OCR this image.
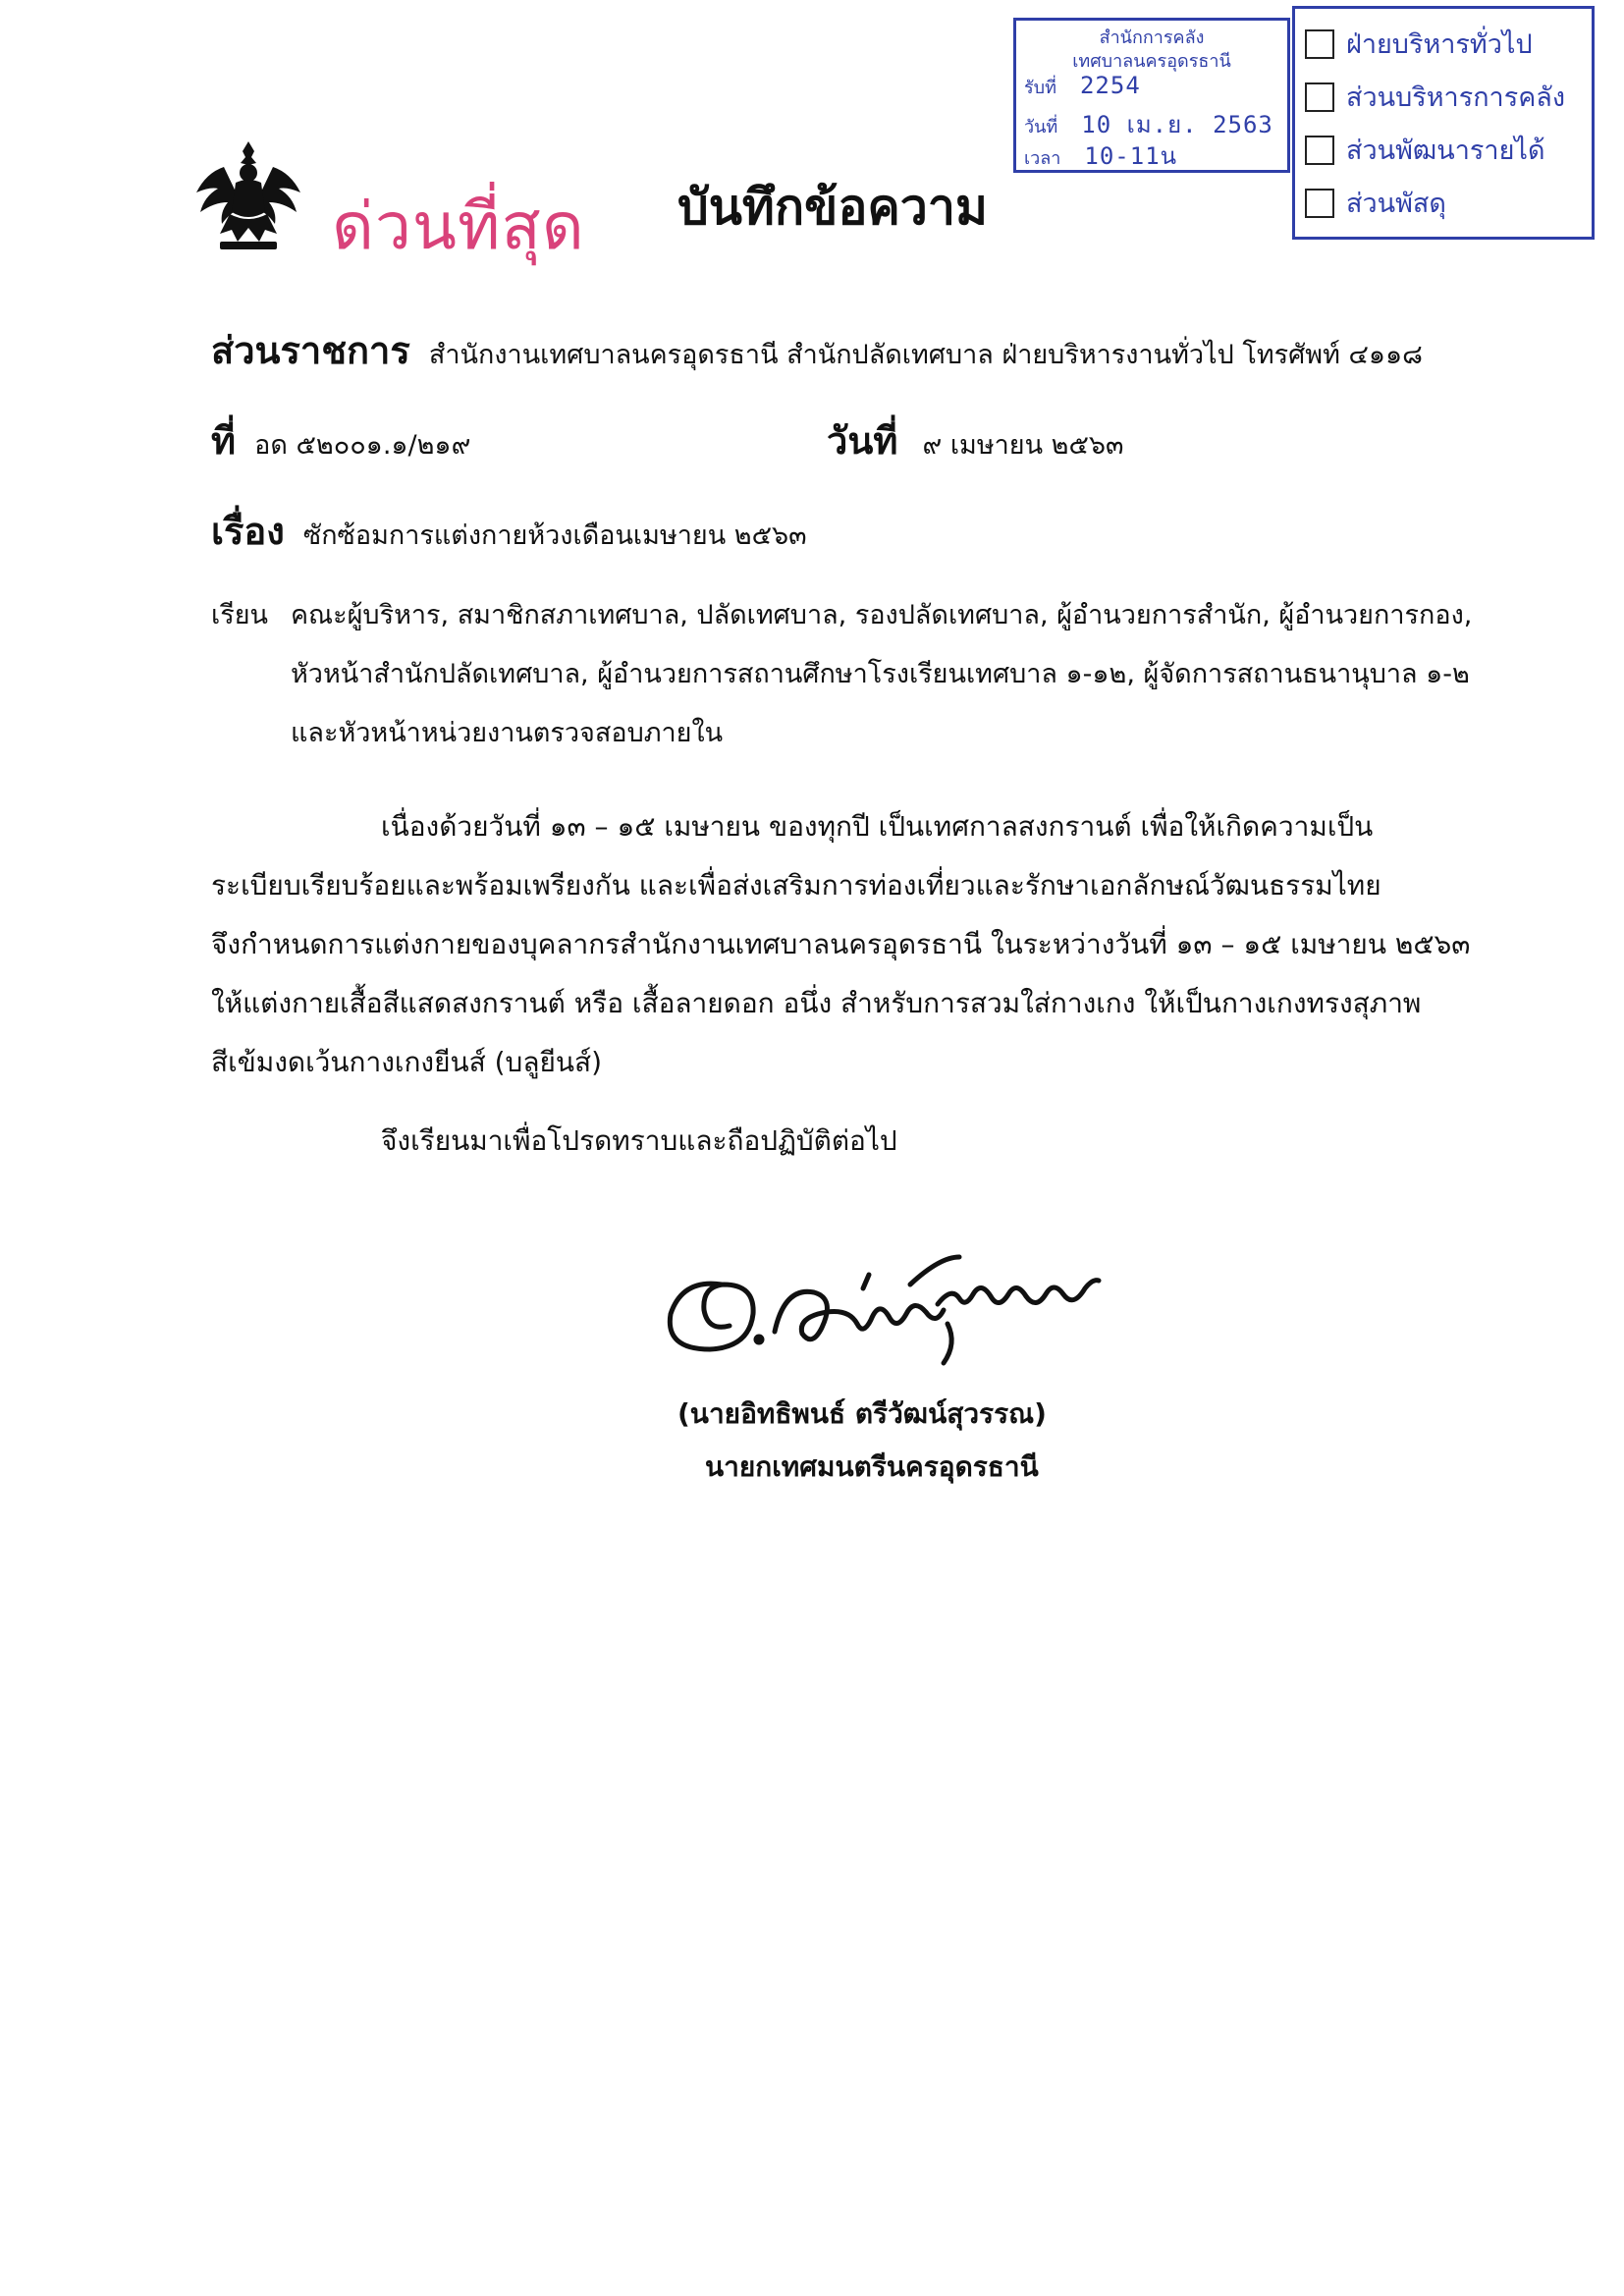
ด่วนที่สุด บันทึกข้อความ
สำนักการคลัง
เทศบาลนครอุดรธานี
รับที่ 2254
วันที่ 10 เม.ย. 2563
เวลา 10-11น
ฝ่ายบริหารทั่วไป
ส่วนบริหารการคลัง
ส่วนพัฒนารายได้
ส่วนพัสดุ
ส่วนราชการ สำนักงานเทศบาลนครอุดรธานี สำนักปลัดเทศบาล ฝ่ายบริหารงานทั่วไป โทรศัพท์ ๔๑๑๘
ที่ อด ๕๒๐๐๑.๑/๒๑๙	วันที่ ๙ เมษายน ๒๕๖๓
เรื่อง ซักซ้อมการแต่งกายห้วงเดือนเมษายน ๒๕๖๓
เรียน คณะผู้บริหาร, สมาชิกสภาเทศบาล, ปลัดเทศบาล, รองปลัดเทศบาล, ผู้อำนวยการสำนัก, ผู้อำนวยการกอง,
หัวหน้าสำนักปลัดเทศบาล, ผู้อำนวยการสถานศึกษาโรงเรียนเทศบาล ๑-๑๒, ผู้จัดการสถานธนานุบาล ๑-๒
และหัวหน้าหน่วยงานตรวจสอบภายใน
เนื่องด้วยวันที่ ๑๓ – ๑๕ เมษายน ของทุกปี เป็นเทศกาลสงกรานต์ เพื่อให้เกิดความเป็น
ระเบียบเรียบร้อยและพร้อมเพรียงกัน และเพื่อส่งเสริมการท่องเที่ยวและรักษาเอกลักษณ์วัฒนธรรมไทย
จึงกำหนดการแต่งกายของบุคลากรสำนักงานเทศบาลนครอุดรธานี ในระหว่างวันที่ ๑๓ – ๑๕ เมษายน ๒๕๖๓
ให้แต่งกายเสื้อสีแสดสงกรานต์ หรือ เสื้อลายดอก อนึ่ง สำหรับการสวมใส่กางเกง ให้เป็นกางเกงทรงสุภาพ
สีเข้มงดเว้นกางเกงยีนส์ (บลูยีนส์)
จึงเรียนมาเพื่อโปรดทราบและถือปฏิบัติต่อไป
(นายอิทธิพนธ์ ตรีวัฒน์สุวรรณ)
นายกเทศมนตรีนครอุดรธานี
